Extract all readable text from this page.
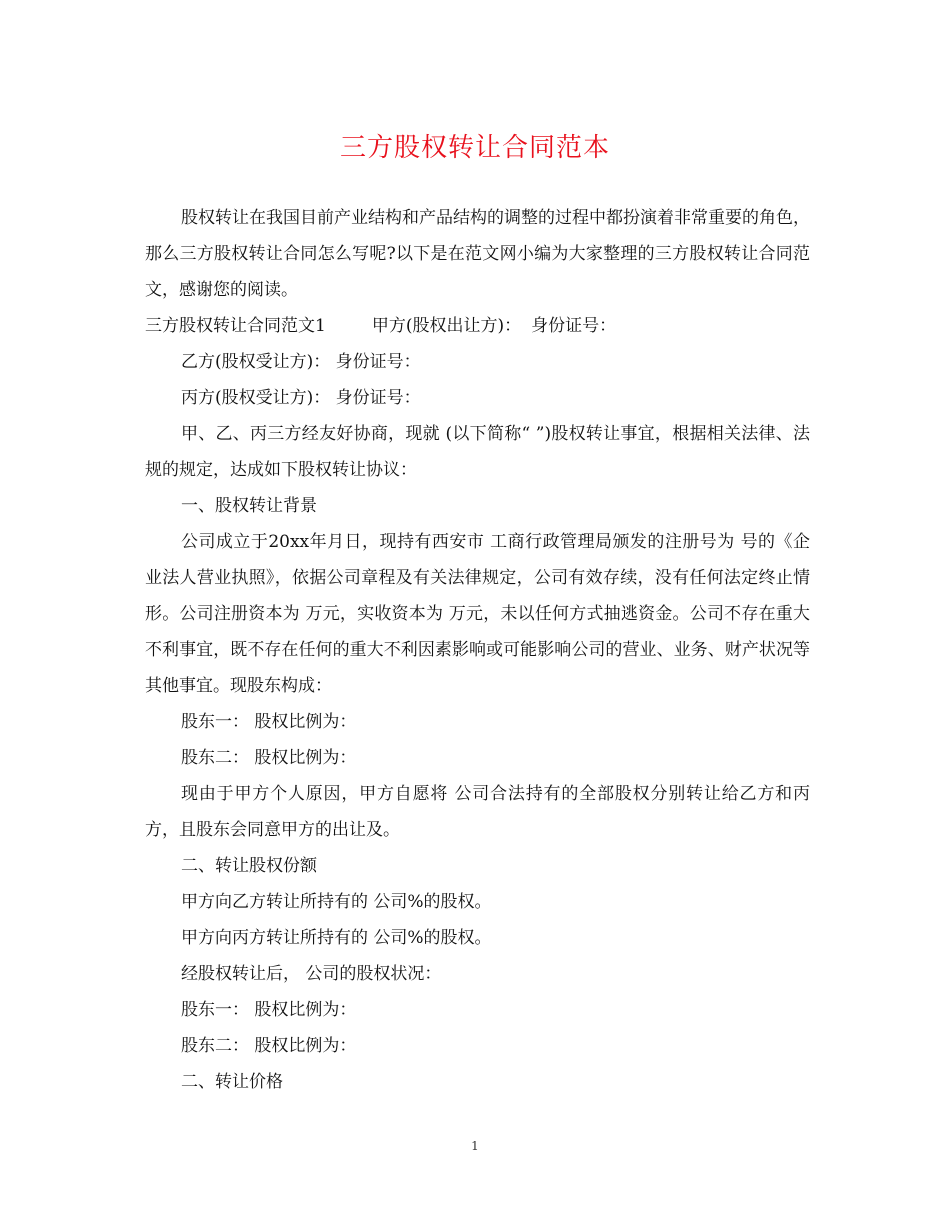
三方股权转让合同范本

股权转让在我国目前产业结构和产品结构的调整的过程中都扮演着非常重要的角色，那么三方股权转让合同怎么写呢?以下是在范文网小编为大家整理的三方股权转让合同范文，感谢您的阅读。

三方股权转让合同范文1	甲方(股权出让方)： 身份证号：

乙方(股权受让方)： 身份证号：

丙方(股权受让方)： 身份证号：

甲、乙、丙三方经友好协商，现就 (以下简称“ ”)股权转让事宜，根据相关法律、法规的规定，达成如下股权转让协议：

一、股权转让背景

公司成立于20xx年月日，现持有西安市 工商行政管理局颁发的注册号为 号的《企业法人营业执照》，依据公司章程及有关法律规定，公司有效存续，没有任何法定终止情形。公司注册资本为 万元，实收资本为 万元，未以任何方式抽逃资金。公司不存在重大不利事宜，既不存在任何的重大不利因素影响或可能影响公司的营业、业务、财产状况等其他事宜。现股东构成：

股东一： 股权比例为：

股东二： 股权比例为：

现由于甲方个人原因，甲方自愿将 公司合法持有的全部股权分别转让给乙方和丙方，且股东会同意甲方的出让及。

二、转让股权份额

甲方向乙方转让所持有的 公司%的股权。

甲方向丙方转让所持有的 公司%的股权。

经股权转让后， 公司的股权状况：

股东一： 股权比例为：

股东二： 股权比例为：

二、转让价格

1
